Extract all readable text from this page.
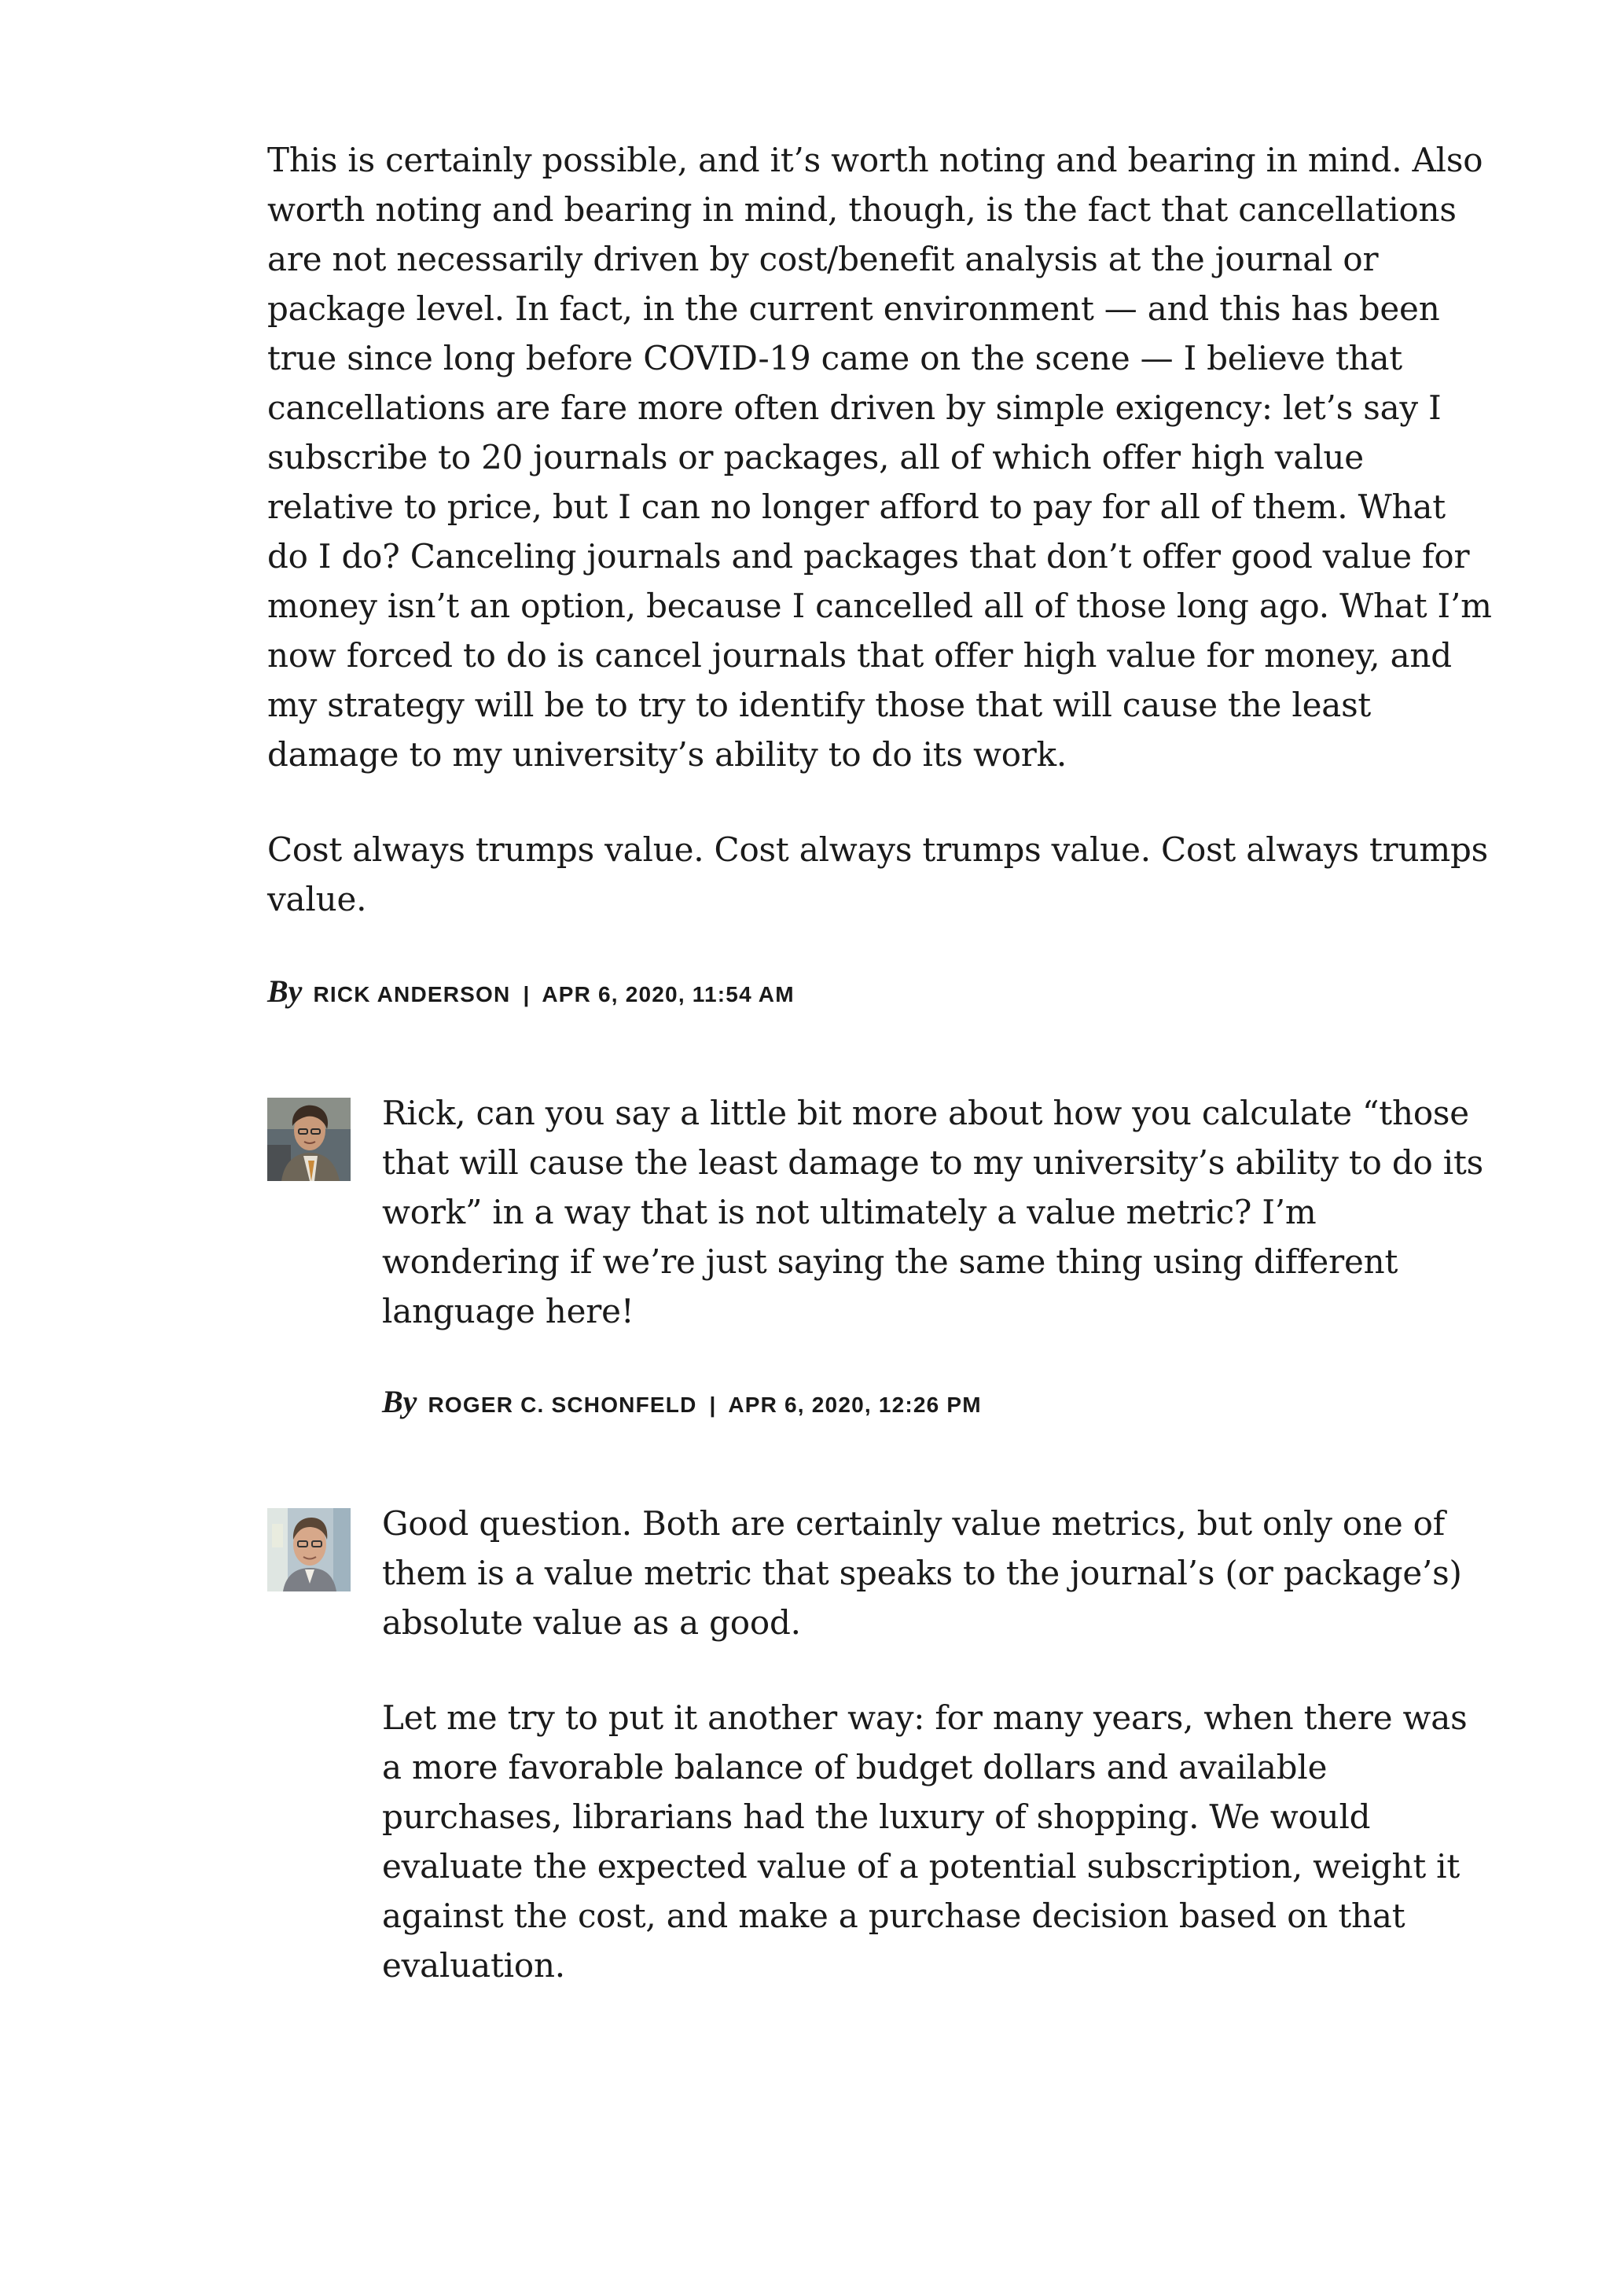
This is certainly possible, and it’s worth noting and bearing in mind. Also worth noting and bearing in mind, though, is the fact that cancellations are not necessarily driven by cost/benefit analysis at the journal or package level. In fact, in the current environment — and this has been true since long before COVID-19 came on the scene — I believe that cancellations are fare more often driven by simple exigency: let’s say I subscribe to 20 journals or packages, all of which offer high value relative to price, but I can no longer afford to pay for all of them. What do I do? Canceling journals and packages that don’t offer good value for money isn’t an option, because I cancelled all of those long ago. What I’m now forced to do is cancel journals that offer high value for money, and my strategy will be to try to identify those that will cause the least damage to my university’s ability to do its work.

Cost always trumps value. Cost always trumps value. Cost always trumps value.

By RICK ANDERSON | APR 6, 2020, 11:54 AM

Rick, can you say a little bit more about how you calculate “those that will cause the least damage to my university’s ability to do its work” in a way that is not ultimately a value metric? I’m wondering if we’re just saying the same thing using different language here!

By ROGER C. SCHONFELD | APR 6, 2020, 12:26 PM

Good question. Both are certainly value metrics, but only one of them is a value metric that speaks to the journal’s (or package’s) absolute value as a good.

Let me try to put it another way: for many years, when there was a more favorable balance of budget dollars and available purchases, librarians had the luxury of shopping. We would evaluate the expected value of a potential subscription, weight it against the cost, and make a purchase decision based on that evaluation.
